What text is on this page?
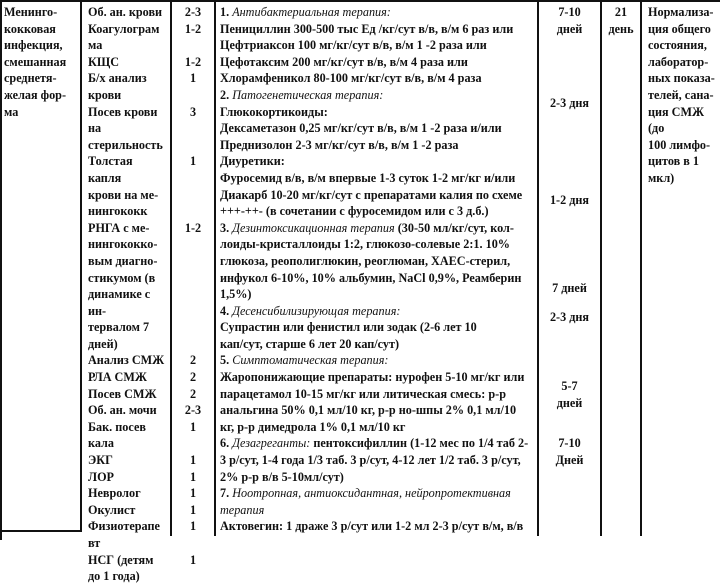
Менинго-
кокковая
инфекция,
смешанная
среднетя-
желая фор-
ма
Об. ан. крови
Коагулограм
ма
КЩС
Б/х анализ
крови
Посев крови
на
стерильность
Толстая
капля
крови на ме-
нингококк
РНГА с ме-
нингококко-
вым диагно-
стикумом (в
динамике с
ин-
тервалом 7
дней)
Анализ СМЖ
РЛА СМЖ
Посев СМЖ
Об. ан. мочи
Бак. посев
кала
ЭКГ
ЛОР
Невролог
Окулист
Физиотерапе
вт
НСГ (детям
до 1 года)
2-3
1-2

1-2
1

3

1

1-2

2
2
2
2-3
1

1
1
1
1
1

1

1. Антибактериальная терапия:
Пенициллин 300-500 тыс Ед /кг/сут в/в, в/м 6 раз или
Цефтриаксон 100 мг/кг/сут в/в, в/м 1 -2 раза или
Цефотаксим 200 мг/кг/сут в/в, в/м 4 раза или
Хлорамфеникол 80-100 мг/кг/сут в/в, в/м 4 раза
2. Патогенетическая терапия:
Глюкокортикоиды:
Дексаметазон 0,25 мг/кг/сут в/в, в/м 1 -2 раза и/или
Преднизолон 2-3 мг/кг/сут в/в, в/м 1 -2 раза
Диуретики:
Фуросемид в/в, в/м впервые 1-3 суток 1-2 мг/кг и/или
Диакарб 10-20 мг/кг/сут с препаратами калия по схеме
+++-++- (в сочетании с фуросемидом или с 3 д.б.)
3. Дезинтоксикационная терапия (30-50 мл/кг/сут, кол-
лоиды-кристаллоиды 1:2, глюкозо-солевые 2:1. 10%
глюкоза, реополиглюкин, реоглюман, ХАЕС-стерил,
инфукол 6-10%, 10% альбумин, NaCl 0,9%, Реамберин
1,5%)
4. Десенсибилизирующая терапия:
Супрастин или фенистил или зодак (2-6 лет 10
кап/сут, старше 6 лет 20 кап/сут)
5. Симптоматическая терапия:
Жаропонижающие препараты: нурофен 5-10 мг/кг или
парацетамол 10-15 мг/кг или литическая смесь: р-р
анальгина 50% 0,1 мл/10 кг, р-р но-шпы 2% 0,1 мл/10
кг, р-р димедрола 1% 0,1 мл/10 кг
6. Дезагреганты: пентоксифиллин (1-12 мес по 1/4 таб 2-
3 р/сут, 1-4 года 1/3 таб. 3 р/сут, 4-12 лет 1/2 таб. 3 р/сут,
2% р-р в/в 5-10мл/сут)
7. Ноотропная, антиоксидантная, нейропротективная
терапия
Актовегин: 1 драже 3 р/сут или 1-2 мл 2-3 р/сут в/м, в/в
7-10
дней
2-3 дня
1-2 дня
7 дней
2-3 дня
5-7
дней
7-10
Дней
21
день
Нормализа-
ция общего
состояния,
лаборатор-
ных показа-
телей, сана-
ция СМЖ
(до
100 лимфо-
цитов в 1
мкл)
